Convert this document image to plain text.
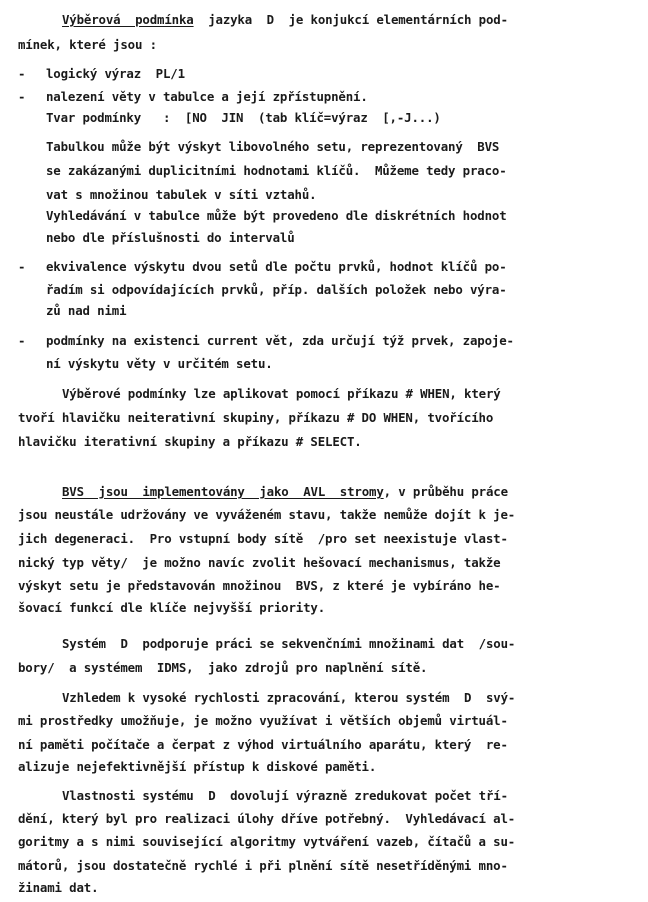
Výběrová  podmínka  jazyka  D  je konjukcí elementárních pod-
mínek, které jsou :
- logický výraz  PL/1
- nalezení věty v tabulce a její zpřístupnění.
Tvar podmínky   :  [NO  JIN  (tab klíč=výraz  [,-J...)
Tabulkou může být výskyt libovolného setu, reprezentovaný  BVS
se zakázanými duplicitními hodnotami klíčů.  Můžeme tedy praco-
vat s množinou tabulek v síti vztahů.
Vyhledávání v tabulce může být provedeno dle diskrétních hodnot
nebo dle příslušnosti do intervalů
- ekvivalence výskytu dvou setů dle počtu prvků, hodnot klíčů po-
řadím si odpovídajících prvků, příp. dalších položek nebo výra-
zů nad nimi
- podmínky na existenci current vět, zda určují týž prvek, zapoje-
ní výskytu věty v určitém setu.
Výběrové podmínky lze aplikovat pomocí příkazu # WHEN, který
tvoří hlavičku neiterativní skupiny, příkazu # DO WHEN, tvořícího
hlavičku iterativní skupiny a příkazu # SELECT.
BVS  jsou  implementovány  jako  AVL  stromy, v průběhu práce
jsou neustále udržovány ve vyváženém stavu, takže nemůže dojít k je-
jich degeneraci.  Pro vstupní body sítě  /pro set neexistuje vlast-
nický typ věty/  je možno navíc zvolit hešovací mechanismus, takže
výskyt setu je představován množinou  BVS, z které je vybíráno he-
šovací funkcí dle klíče nejvyšší priority.
Systém  D  podporuje práci se sekvenčními množinami dat  /sou-
bory/  a systémem  IDMS,  jako zdrojů pro naplnění sítě.
Vzhledem k vysoké rychlosti zpracování, kterou systém  D  svý-
mi prostředky umožňuje, je možno využívat i větších objemů virtuál-
ní paměti počítače a čerpat z výhod virtuálního aparátu, který  re-
alizuje nejefektivnější přístup k diskové paměti.
Vlastnosti systému  D  dovolují výrazně zredukovat počet tří-
dění, který byl pro realizaci úlohy dříve potřebný.  Vyhledávací al-
goritmy a s nimi související algoritmy vytváření vazeb, čítačů a su-
mátorů, jsou dostatečně rychlé i při plnění sítě nesetříděnými mno-
žinami dat.
